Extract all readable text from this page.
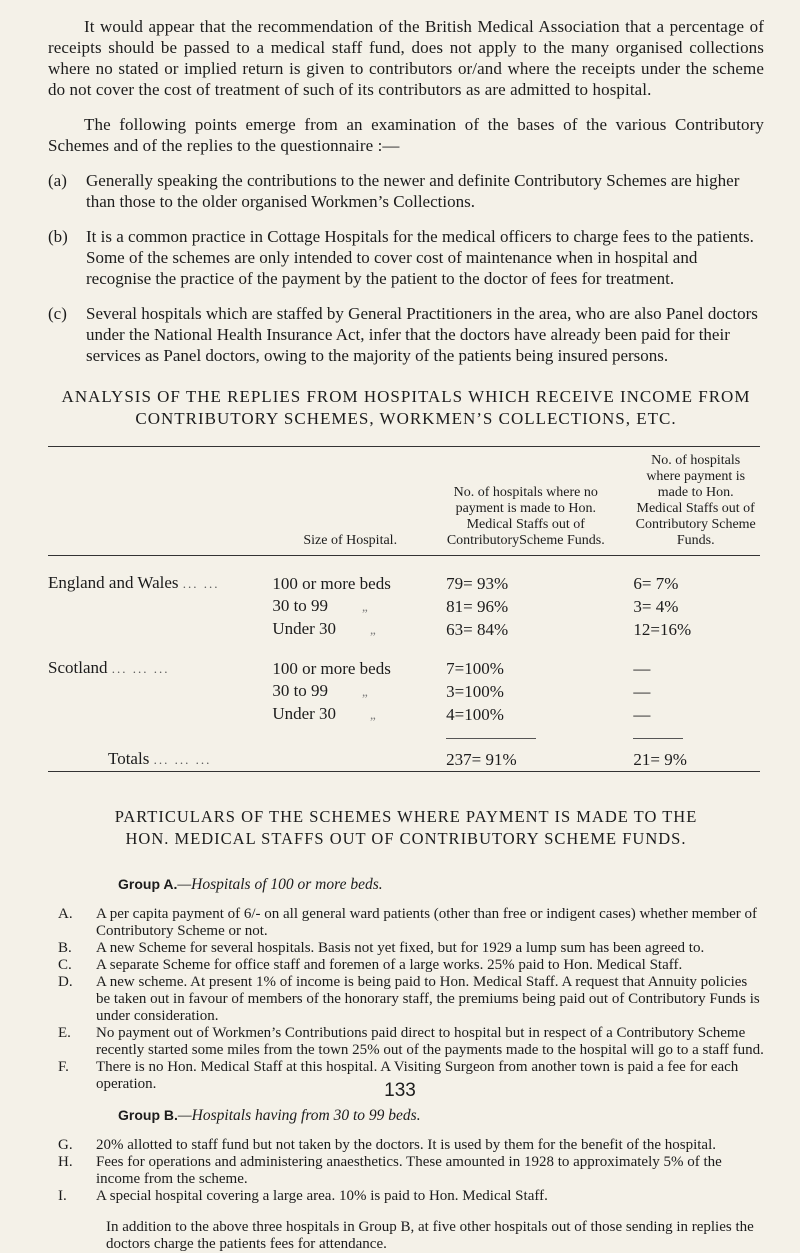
It would appear that the recommendation of the British Medical Association that a percentage of receipts should be passed to a medical staff fund, does not apply to the many organised collections where no stated or implied return is given to contributors or/and where the receipts under the scheme do not cover the cost of treatment of such of its contributors as are admitted to hospital.

The following points emerge from an examination of the bases of the various Contributory Schemes and of the replies to the questionnaire :—

(a)	Generally speaking the contributions to the newer and definite Contributory Schemes are higher than those to the older organised Workmen’s Collections.
(b)	It is a common practice in Cottage Hospitals for the medical officers to charge fees to the patients. Some of the schemes are only intended to cover cost of maintenance when in hospital and recognise the practice of the payment by the patient to the doctor of fees for treatment.
(c)	Several hospitals which are staffed by General Practitioners in the area, who are also Panel doctors under the National Health Insurance Act, infer that the doctors have already been paid for their services as Panel doctors, owing to the majority of the patients being insured persons.
ANALYSIS OF THE REPLIES FROM HOSPITALS WHICH RECEIVE INCOME FROM
CONTRIBUTORY SCHEMES, WORKMEN’S COLLECTIONS, ETC.

	Size of Hospital.	No. of hospitals where no payment is made to Hon. Medical Staffs out of ContributoryScheme Funds.	No. of hospitals where payment is made to Hon. Medical Staffs out of Contributory Scheme Funds.

England and Wales ... ...	100 or more beds	79= 93%	6= 7%
	30 to 99 „	81= 96%	3= 4%
	Under 30 „	63= 84%	12=16%

Scotland ... ... ...	100 or more beds	7=100%	—
	30 to 99 „	3=100%	—
	Under 30 „	4=100%	—

Totals ... ... ...		237= 91%	21= 9%
PARTICULARS OF THE SCHEMES WHERE PAYMENT IS MADE TO THE
HON. MEDICAL STAFFS OUT OF CONTRIBUTORY SCHEME FUNDS.
Group A.—Hospitals of 100 or more beds.
A.	A per capita payment of 6/- on all general ward patients (other than free or indigent cases) whether member of Contributory Scheme or not.
B.	A new Scheme for several hospitals. Basis not yet fixed, but for 1929 a lump sum has been agreed to.
C.	A separate Scheme for office staff and foremen of a large works. 25% paid to Hon. Medical Staff.
D.	A new scheme. At present 1% of income is being paid to Hon. Medical Staff. A request that Annuity policies be taken out in favour of members of the honorary staff, the premiums being paid out of Contributory Funds is under consideration.
E.	No payment out of Workmen’s Contributions paid direct to hospital but in respect of a Contributory Scheme recently started some miles from the town 25% out of the payments made to the hospital will go to a staff fund.
F.	There is no Hon. Medical Staff at this hospital. A Visiting Surgeon from another town is paid a fee for each operation.
Group B.—Hospitals having from 30 to 99 beds.
G.	20% allotted to staff fund but not taken by the doctors. It is used by them for the benefit of the hospital.
H.	Fees for operations and administering anaesthetics. These amounted in 1928 to approximately 5% of the income from the scheme.
I.	A special hospital covering a large area. 10% is paid to Hon. Medical Staff.
In addition to the above three hospitals in Group B, at five other hospitals out of those sending in replies the doctors charge the patients fees for attendance.
133
